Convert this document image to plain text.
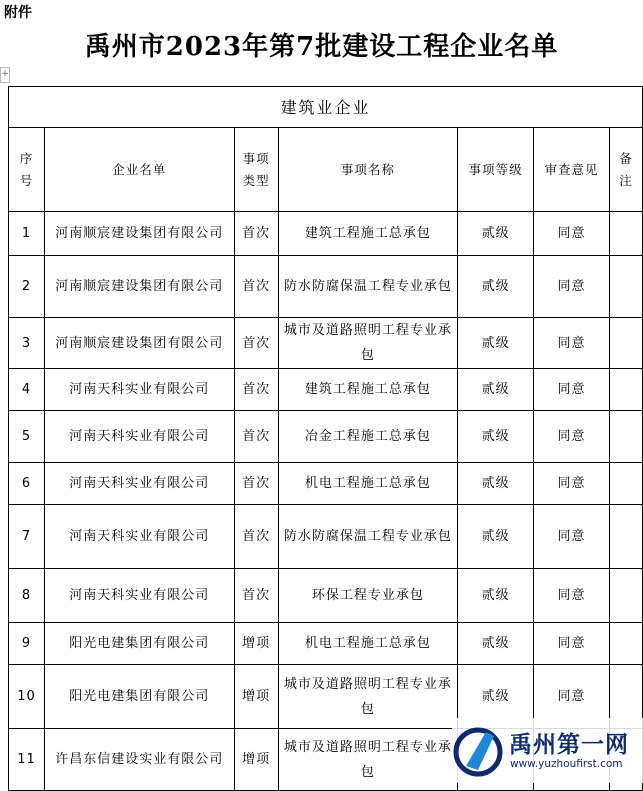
附件
禹州市2023年第7批建设工程企业名单
+
建筑业企业						
序号	企业名单	事项类型	事项名称	事项等级	审查意见	备注
1	河南顺宸建设集团有限公司	首次	建筑工程施工总承包	贰级	同意	
2	河南顺宸建设集团有限公司	首次	防水防腐保温工程专业承包	贰级	同意	
3	河南顺宸建设集团有限公司	首次	城市及道路照明工程专业承包	贰级	同意	
4	河南天科实业有限公司	首次	建筑工程施工总承包	贰级	同意	
5	河南天科实业有限公司	首次	冶金工程施工总承包	贰级	同意	
6	河南天科实业有限公司	首次	机电工程施工总承包	贰级	同意	
7	河南天科实业有限公司	首次	防水防腐保温工程专业承包	贰级	同意	
8	河南天科实业有限公司	首次	环保工程专业承包	贰级	同意	
9	阳光电建集团有限公司	增项	机电工程施工总承包	贰级	同意	
10	阳光电建集团有限公司	增项	城市及道路照明工程专业承包	贰级	同意	
11	许昌东信建设实业有限公司	增项	城市及道路照明工程专业承包			
禹州第一网
www.yuzhoufirst.com
